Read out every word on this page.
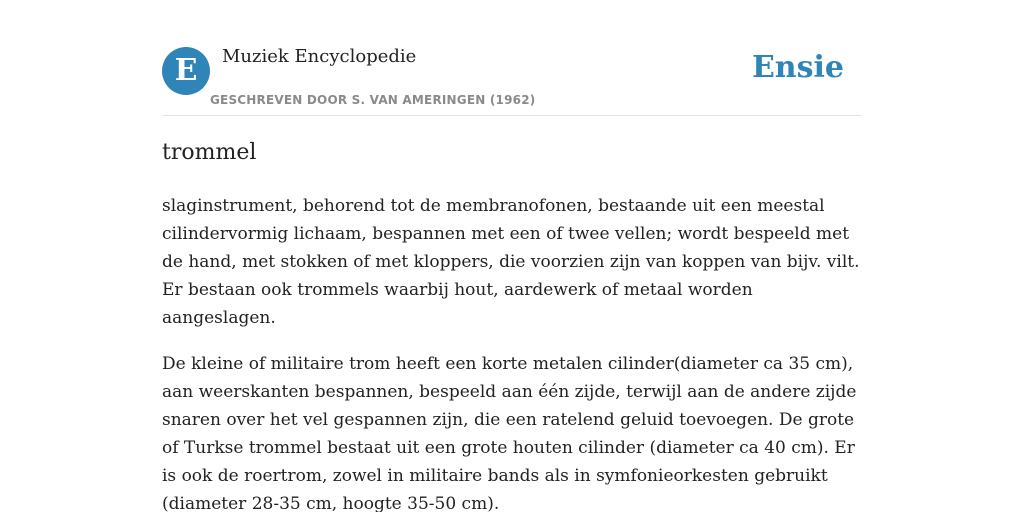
E	Muziek Encyclopedie
GESCHREVEN DOOR S. VAN AMERINGEN (1962)
Ensie
trommel

slaginstrument, behorend tot de membranofonen, bestaande uit een meestal cilindervormig lichaam, bespannen met een of twee vellen; wordt bespeeld met de hand, met stokken of met kloppers, die voorzien zijn van koppen van bijv. vilt. Er bestaan ook trommels waarbij hout, aardewerk of metaal worden aangeslagen.

De kleine of militaire trom heeft een korte metalen cilinder(diameter ca 35 cm), aan weerskanten bespannen, bespeeld aan één zijde, terwijl aan de andere zijde snaren over het vel gespannen zijn, die een ratelend geluid toevoegen. De grote of Turkse trommel bestaat uit een grote houten cilinder (diameter ca 40 cm). Er is ook de roertrom, zowel in militaire bands als in symfonieorkesten gebruikt (diameter 28-35 cm, hoogte 35-50 cm).
